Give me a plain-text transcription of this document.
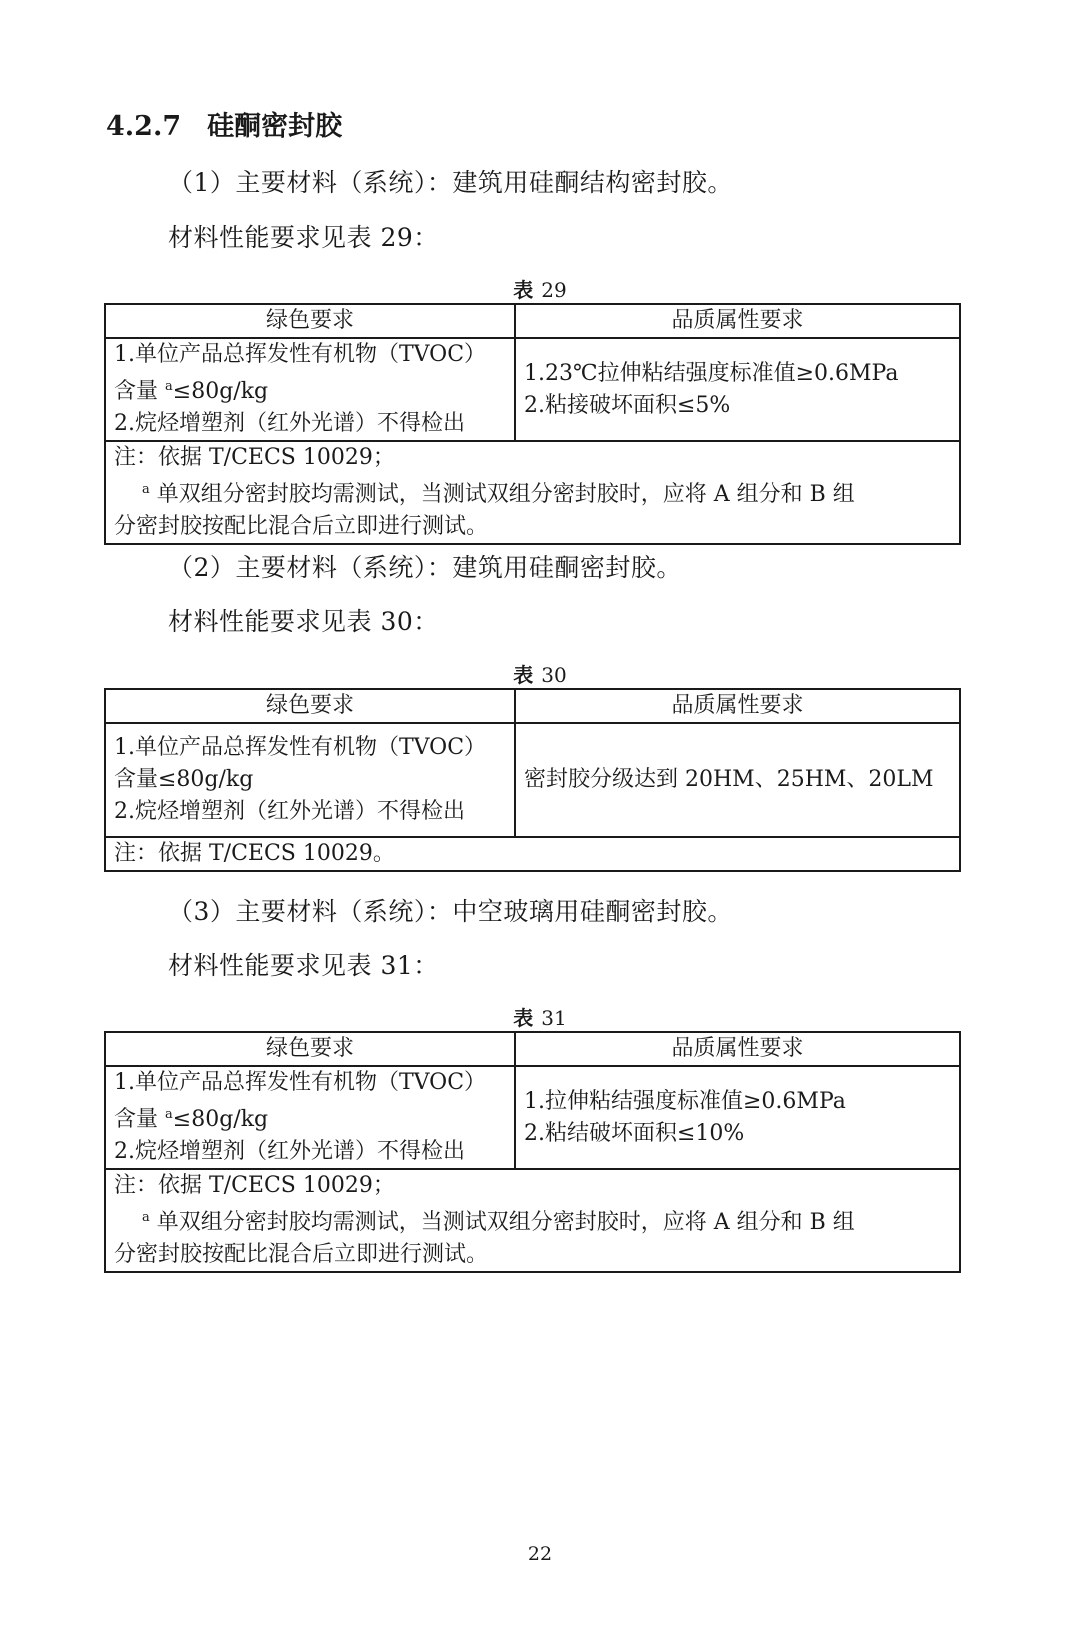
4.2.7 硅酮密封胶
（1）主要材料（系统）：建筑用硅酮结构密封胶。
材料性能要求见表 29：
表 29
绿色要求	品质属性要求

1.单位产品总挥发性有机物（TVOC）
含量 $^a$≤80g/kg
2.烷烃增塑剂（红外光谱）不得检出	1.23℃拉伸粘结强度标准值≥0.6MPa
2.粘接破坏面积≤5%

注：依据 T/CECS 10029；
$^a$ 单双组分密封胶均需测试，当测试双组分密封胶时，应将 A 组分和 B 组
分密封胶按配比混合后立即进行测试。	
（2）主要材料（系统）：建筑用硅酮密封胶。
材料性能要求见表 30：
表 30
绿色要求	品质属性要求

1.单位产品总挥发性有机物（TVOC）
含量≤80g/kg
2.烷烃增塑剂（红外光谱）不得检出	密封胶分级达到 20HM、25HM、20LM

注：依据 T/CECS 10029。	
（3）主要材料（系统）：中空玻璃用硅酮密封胶。
材料性能要求见表 31：
表 31
绿色要求	品质属性要求

1.单位产品总挥发性有机物（TVOC）
含量 $^a$≤80g/kg
2.烷烃增塑剂（红外光谱）不得检出	1.拉伸粘结强度标准值≥0.6MPa
2.粘结破坏面积≤10%

注：依据 T/CECS 10029；
$^a$ 单双组分密封胶均需测试，当测试双组分密封胶时，应将 A 组分和 B 组
分密封胶按配比混合后立即进行测试。	
22
